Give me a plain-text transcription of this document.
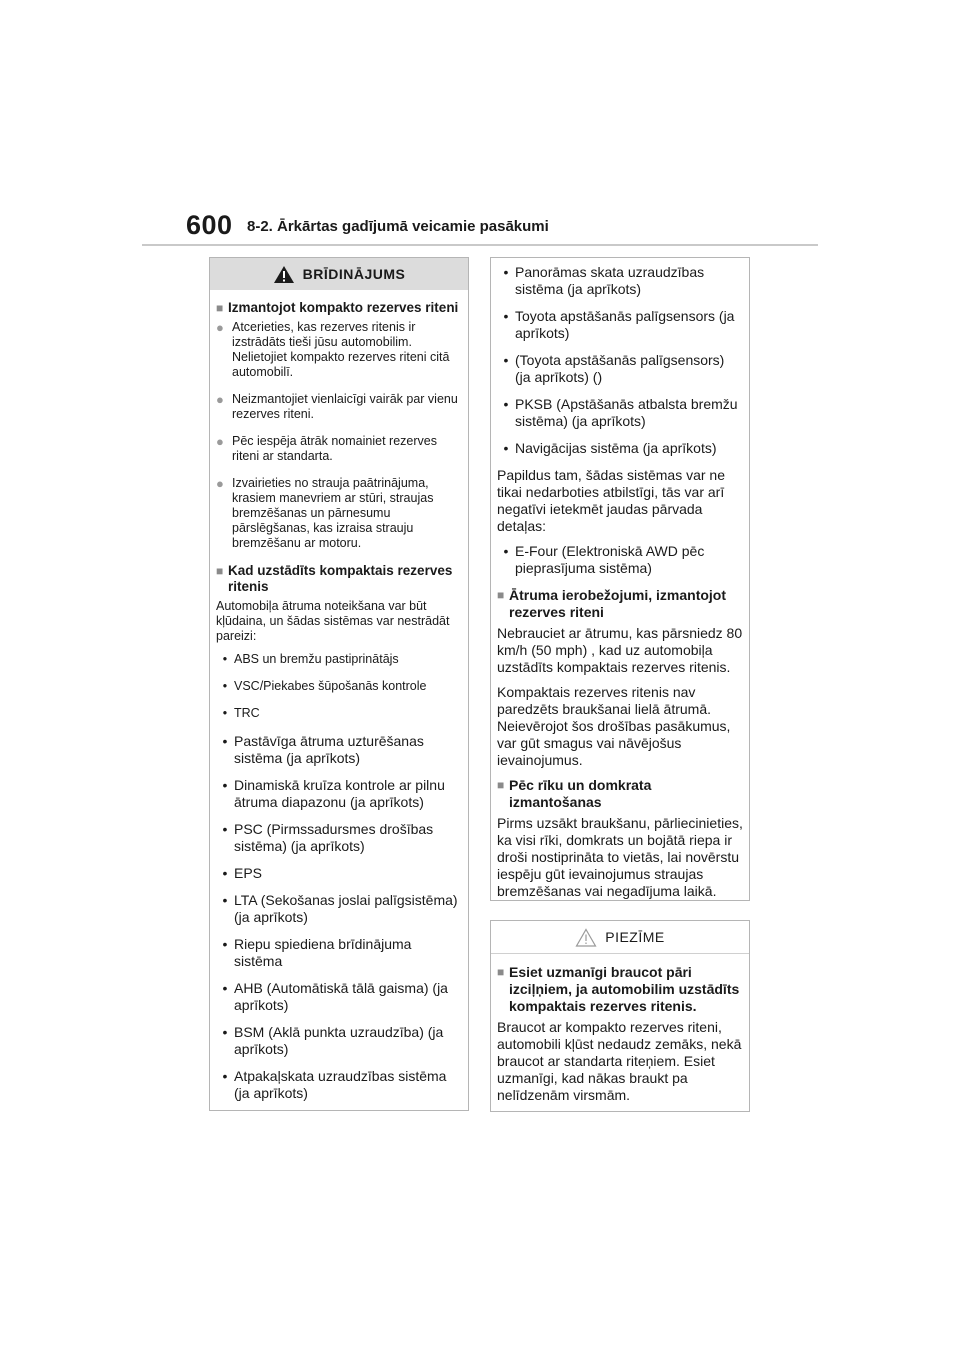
600 8-2. Ārkārtas gadījumā veicamie pasākumi
BRĪDINĀJUMS
■ Izmantojot kompakto rezerves riteni
● Atcerieties, kas rezerves ritenis ir izstrādāts tieši jūsu automobilim. Nelietojiet kompakto rezerves riteni citā automobilī.
● Neizmantojiet vienlaicīgi vairāk par vienu rezerves riteni.
● Pēc iespēja ātrāk nomainiet rezerves riteni ar standarta.
● Izvairieties no strauja paātrinājuma, krasiem manevriem ar stūri, straujas bremzēšanas un pārnesumu pārslēgšanas, kas izraisa strauju bremzēšanu ar motoru.
■ Kad uzstādīts kompaktais rezerves ritenis
Automobiļa ātruma noteikšana var būt kļūdaina, un šādas sistēmas var nestrādāt pareizi:
• ABS un bremžu pastiprinātājs
• VSC/Piekabes šūpošanās kontrole
• TRC
• Pastāvīga ātruma uzturēšanas sistēma (ja aprīkots)
• Dinamiskā kruīza kontrole ar pilnu ātruma diapazonu (ja aprīkots)
• PSC (Pirmssadursmes drošības sistēma) (ja aprīkots)
• EPS
• LTA (Sekošanas joslai palīgsistēma) (ja aprīkots)
• Riepu spiediena brīdinājuma sistēma
• AHB (Automātiskā tālā gaisma) (ja aprīkots)
• BSM (Aklā punkta uzraudzība) (ja aprīkots)
• Atpakaļskata uzraudzības sistēma (ja aprīkots)
• Panorāmas skata uzraudzības sistēma (ja aprīkots)
• Toyota apstāšanās palīgsensors (ja aprīkots)
• (Toyota apstāšanās palīgsensors) (ja aprīkots) ()
• PKSB (Apstāšanās atbalsta bremžu sistēma) (ja aprīkots)
• Navigācijas sistēma (ja aprīkots)
Papildus tam, šādas sistēmas var ne tikai nedarboties atbilstīgi, tās var arī negatīvi ietekmēt jaudas pārvada detaļas:
• E-Four (Elektroniskā AWD pēc pieprasījuma sistēma)
■ Ātruma ierobežojumi, izmantojot rezerves riteni
Nebrauciet ar ātrumu, kas pārsniedz 80 km/h (50 mph) , kad uz automobiļa uzstādīts kompaktais rezerves ritenis.
Kompaktais rezerves ritenis nav paredzēts braukšanai lielā ātrumā. Neievērojot šos drošības pasākumus, var gūt smagus vai nāvējošus ievainojumus.
■ Pēc rīku un domkrata izmantošanas
Pirms uzsākt braukšanu, pārliecinieties, ka visi rīki, domkrats un bojātā riepa ir droši nostiprināta to vietās, lai novērstu iespēju gūt ievainojumus straujas bremzēšanas vai negadījuma laikā.
PIEZĪME
■ Esiet uzmanīgi braucot pāri izciļņiem, ja automobilim uzstādīts kompaktais rezerves ritenis.
Braucot ar kompakto rezerves riteni, automobili kļūst nedaudz zemāks, nekā braucot ar standarta riteņiem. Esiet uzmanīgi, kad nākas braukt pa nelīdzenām virsmām.
